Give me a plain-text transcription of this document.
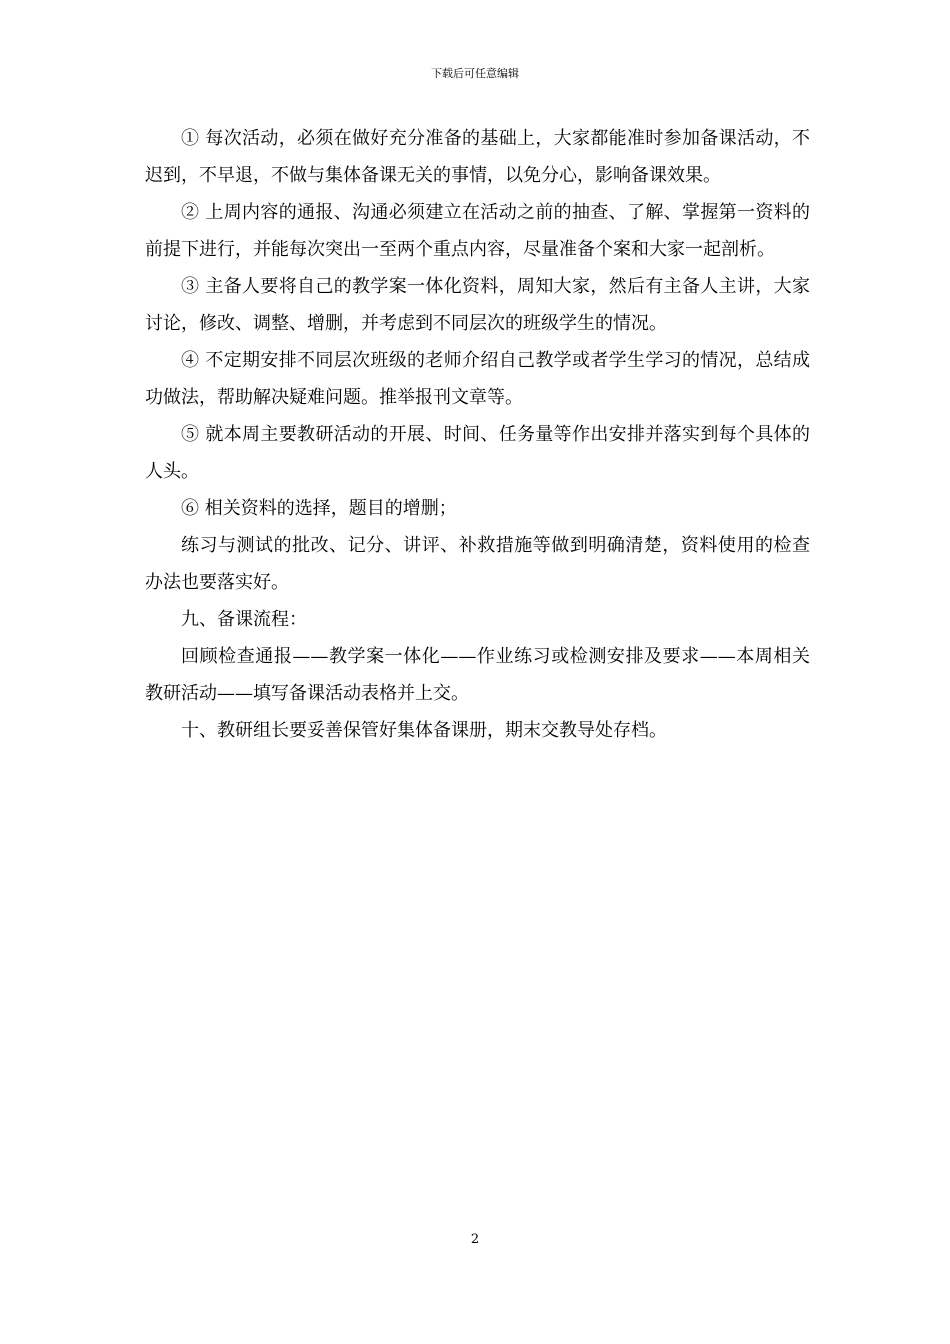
下载后可任意编辑

① 每次活动，必须在做好充分准备的基础上，大家都能准时参加备课活动，不迟到，不早退，不做与集体备课无关的事情，以免分心，影响备课效果。

② 上周内容的通报、沟通必须建立在活动之前的抽查、了解、掌握第一资料的前提下进行，并能每次突出一至两个重点内容，尽量准备个案和大家一起剖析。

③ 主备人要将自己的教学案一体化资料，周知大家，然后有主备人主讲，大家讨论，修改、调整、增删，并考虑到不同层次的班级学生的情况。

④ 不定期安排不同层次班级的老师介绍自己教学或者学生学习的情况，总结成功做法，帮助解决疑难问题。推举报刊文章等。

⑤ 就本周主要教研活动的开展、时间、任务量等作出安排并落实到每个具体的人头。

⑥ 相关资料的选择，题目的增删；

练习与测试的批改、记分、讲评、补救措施等做到明确清楚，资料使用的检查办法也要落实好。

九、备课流程：

回顾检查通报——教学案一体化——作业练习或检测安排及要求——本周相关教研活动——填写备课活动表格并上交。

十、教研组长要妥善保管好集体备课册，期末交教导处存档。

2
